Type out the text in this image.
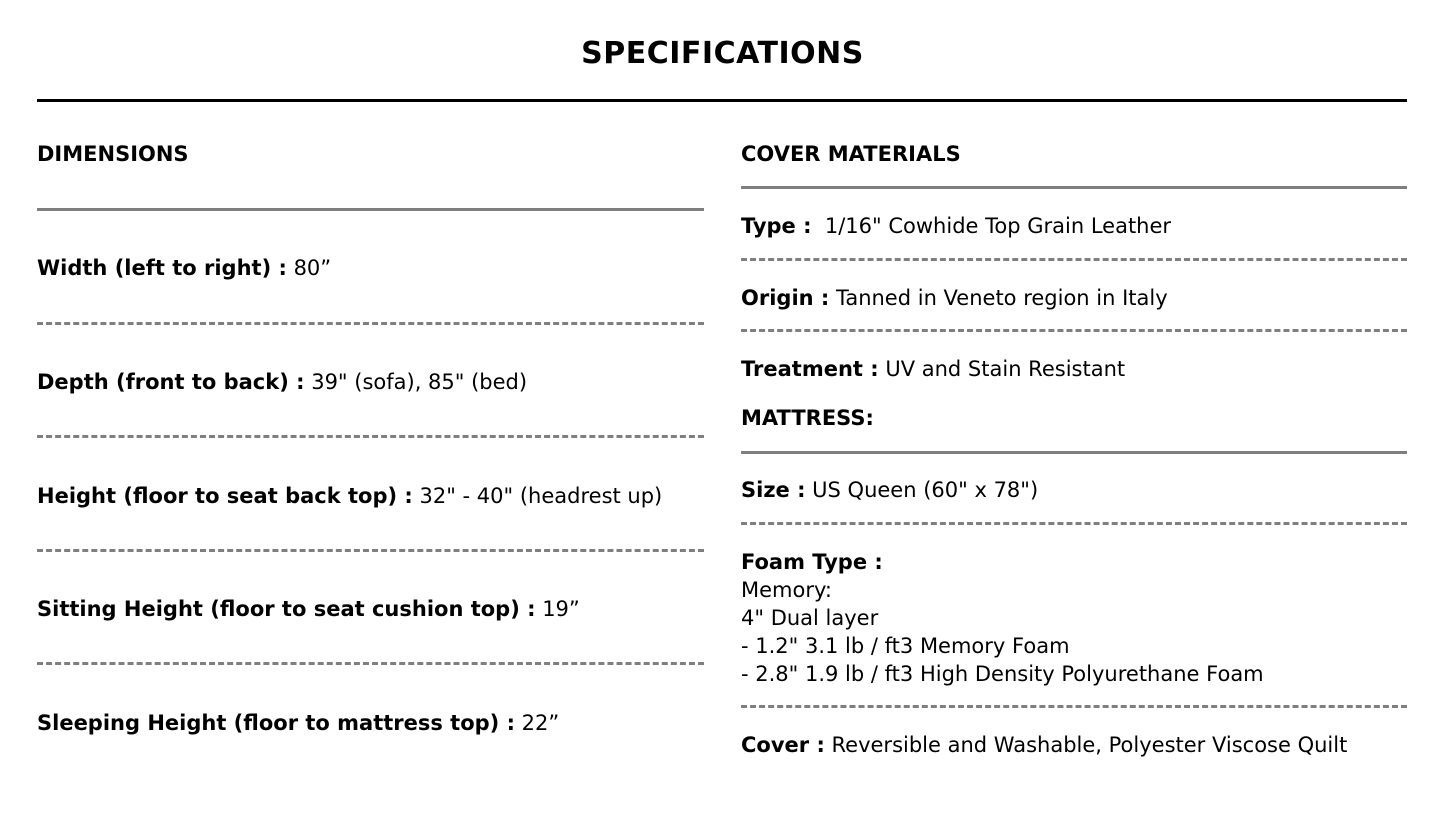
SPECIFICATIONS
DIMENSIONS
Width (left to right) : 80”
Depth (front to back) : 39" (sofa), 85" (bed)
Height (floor to seat back top) : 32" - 40" (headrest up)
Sitting Height (floor to seat cushion top) : 19”
Sleeping Height (floor to mattress top) : 22”
COVER MATERIALS
Type :  1/16" Cowhide Top Grain Leather
Origin : Tanned in Veneto region in Italy
Treatment : UV and Stain Resistant
MATTRESS:
Size : US Queen (60" x 78")
Foam Type :
Memory:
4" Dual layer
- 1.2" 3.1 lb / ft3 Memory Foam
- 2.8" 1.9 lb / ft3 High Density Polyurethane Foam
Cover : Reversible and Washable, Polyester Viscose Quilt
